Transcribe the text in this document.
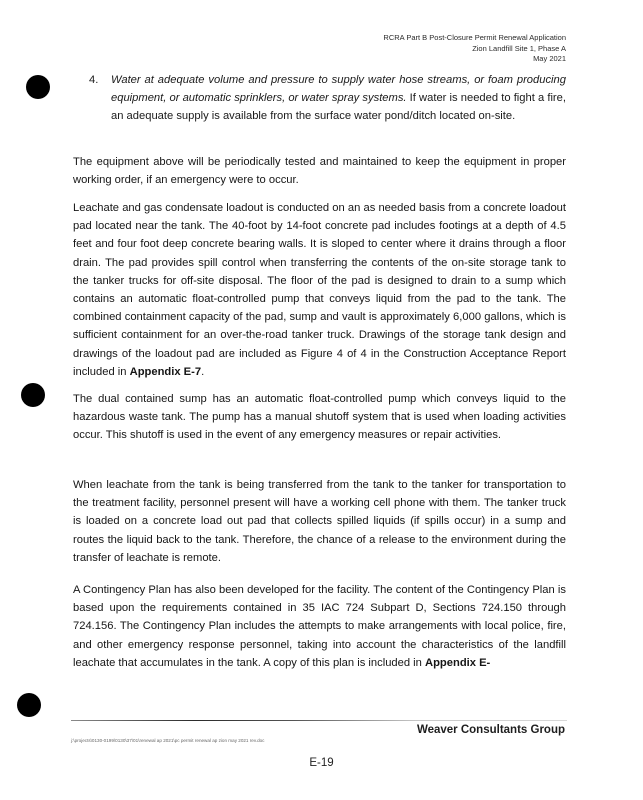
RCRA Part B Post-Closure Permit Renewal Application
Zion Landfill Site 1, Phase A
May 2021
4. Water at adequate volume and pressure to supply water hose streams, or foam producing equipment, or automatic sprinklers, or water spray systems. If water is needed to fight a fire, an adequate supply is available from the surface water pond/ditch located on-site.

The equipment above will be periodically tested and maintained to keep the equipment in proper working order, if an emergency were to occur.

Leachate and gas condensate loadout is conducted on an as needed basis from a concrete loadout pad located near the tank. The 40-foot by 14-foot concrete pad includes footings at a depth of 4.5 feet and four foot deep concrete bearing walls. It is sloped to center where it drains through a floor drain. The pad provides spill control when transferring the contents of the on-site storage tank to the tanker trucks for off-site disposal. The floor of the pad is designed to drain to a sump which contains an automatic float-controlled pump that conveys liquid from the pad to the tank. The combined containment capacity of the pad, sump and vault is approximately 6,000 gallons, which is sufficient containment for an over-the-road tanker truck. Drawings of the storage tank design and drawings of the loadout pad are included as Figure 4 of 4 in the Construction Acceptance Report included in Appendix E-7.

The dual contained sump has an automatic float-controlled pump which conveys liquid to the hazardous waste tank. The pump has a manual shutoff system that is used when loading activities occur. This shutoff is used in the event of any emergency measures or repair activities.

When leachate from the tank is being transferred from the tank to the tanker for transportation to the treatment facility, personnel present will have a working cell phone with them. The tanker truck is loaded on a concrete load out pad that collects spilled liquids (if spills occur) in a sump and routes the liquid back to the tank. Therefore, the chance of a release to the environment during the transfer of leachate is remote.

A Contingency Plan has also been developed for the facility. The content of the Contingency Plan is based upon the requirements contained in 35 IAC 724 Subpart D, Sections 724.150 through 724.156. The Contingency Plan includes the attempts to make arrangements with local police, fire, and other emergency response personnel, taking into account the characteristics of the landfill leachate that accumulates in the tank. A copy of this plan is included in Appendix E-

Weaver Consultants Group
j:\projects\0130-0199\0130\37\01\renewal ap 2021\pc permit renewal ap zion may 2021 rev.doc
E-19
